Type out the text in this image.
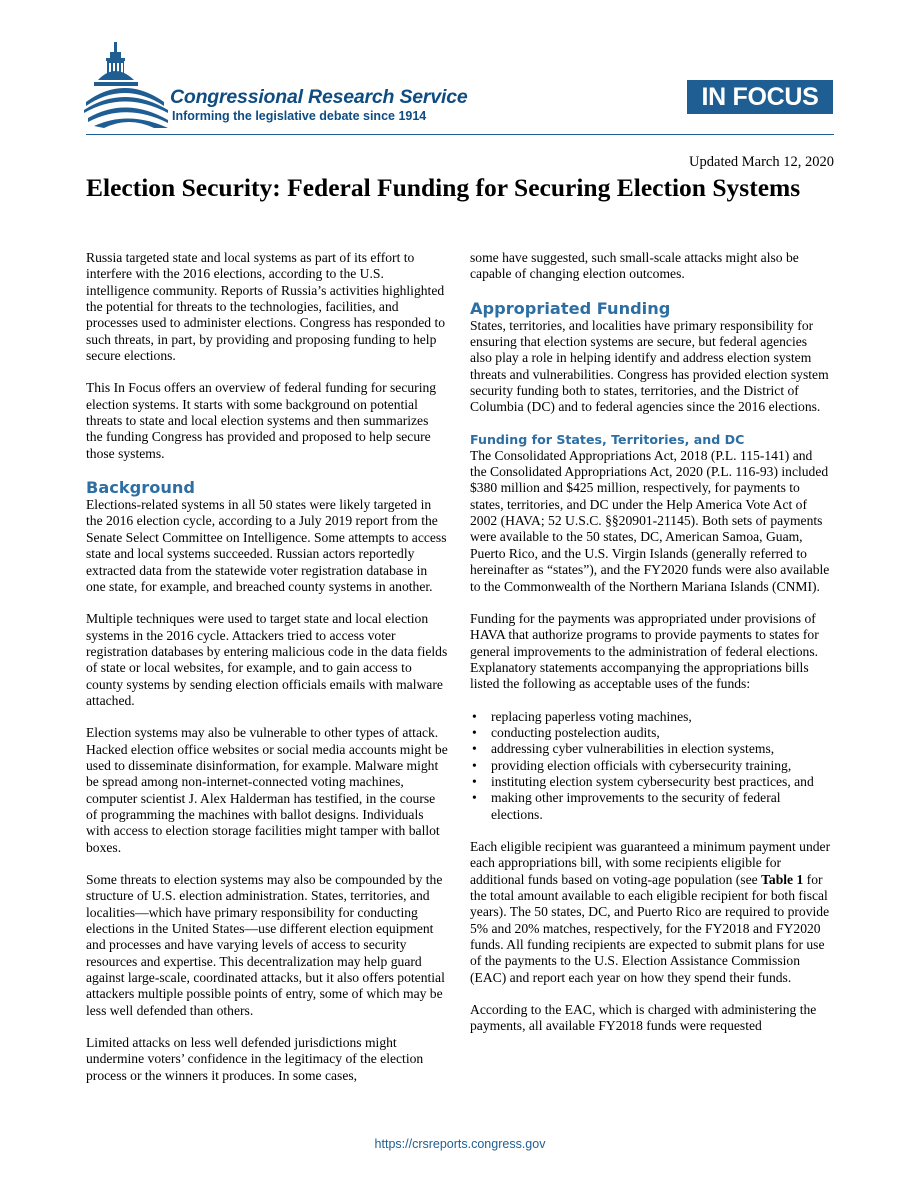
Congressional Research Service
Informing the legislative debate since 1914
IN FOCUS
Updated March 12, 2020
Election Security: Federal Funding for Securing Election Systems

Russia targeted state and local systems as part of its effort to interfere with the 2016 elections, according to the U.S. intelligence community. Reports of Russia’s activities highlighted the potential for threats to the technologies, facilities, and processes used to administer elections. Congress has responded to such threats, in part, by providing and proposing funding to help secure elections.

This In Focus offers an overview of federal funding for securing election systems. It starts with some background on potential threats to state and local election systems and then summarizes the funding Congress has provided and proposed to help secure those systems.

Background

Elections-related systems in all 50 states were likely targeted in the 2016 election cycle, according to a July 2019 report from the Senate Select Committee on Intelligence. Some attempts to access state and local systems succeeded. Russian actors reportedly extracted data from the statewide voter registration database in one state, for example, and breached county systems in another.

Multiple techniques were used to target state and local election systems in the 2016 cycle. Attackers tried to access voter registration databases by entering malicious code in the data fields of state or local websites, for example, and to gain access to county systems by sending election officials emails with malware attached.

Election systems may also be vulnerable to other types of attack. Hacked election office websites or social media accounts might be used to disseminate disinformation, for example. Malware might be spread among non-internet-connected voting machines, computer scientist J. Alex Halderman has testified, in the course of programming the machines with ballot designs. Individuals with access to election storage facilities might tamper with ballot boxes.

Some threats to election systems may also be compounded by the structure of U.S. election administration. States, territories, and localities—which have primary responsibility for conducting elections in the United States—use different election equipment and processes and have varying levels of access to security resources and expertise. This decentralization may help guard against large-scale, coordinated attacks, but it also offers potential attackers multiple possible points of entry, some of which may be less well defended than others.

Limited attacks on less well defended jurisdictions might undermine voters’ confidence in the legitimacy of the election process or the winners it produces. In some cases,

some have suggested, such small-scale attacks might also be capable of changing election outcomes.

Appropriated Funding

States, territories, and localities have primary responsibility for ensuring that election systems are secure, but federal agencies also play a role in helping identify and address election system threats and vulnerabilities. Congress has provided election system security funding both to states, territories, and the District of Columbia (DC) and to federal agencies since the 2016 elections.

Funding for States, Territories, and DC

The Consolidated Appropriations Act, 2018 (P.L. 115-141) and the Consolidated Appropriations Act, 2020 (P.L. 116-93) included $380 million and $425 million, respectively, for payments to states, territories, and DC under the Help America Vote Act of 2002 (HAVA; 52 U.S.C. §§20901-21145). Both sets of payments were available to the 50 states, DC, American Samoa, Guam, Puerto Rico, and the U.S. Virgin Islands (generally referred to hereinafter as “states”), and the FY2020 funds were also available to the Commonwealth of the Northern Mariana Islands (CNMI).

Funding for the payments was appropriated under provisions of HAVA that authorize programs to provide payments to states for general improvements to the administration of federal elections. Explanatory statements accompanying the appropriations bills listed the following as acceptable uses of the funds:

• replacing paperless voting machines,
• conducting postelection audits,
• addressing cyber vulnerabilities in election systems,
• providing election officials with cybersecurity training,
• instituting election system cybersecurity best practices, and
• making other improvements to the security of federal elections.

Each eligible recipient was guaranteed a minimum payment under each appropriations bill, with some recipients eligible for additional funds based on voting-age population (see Table 1 for the total amount available to each eligible recipient for both fiscal years). The 50 states, DC, and Puerto Rico are required to provide 5% and 20% matches, respectively, for the FY2018 and FY2020 funds. All funding recipients are expected to submit plans for use of the payments to the U.S. Election Assistance Commission (EAC) and report each year on how they spend their funds.

According to the EAC, which is charged with administering the payments, all available FY2018 funds were requested

https://crsreports.congress.gov
